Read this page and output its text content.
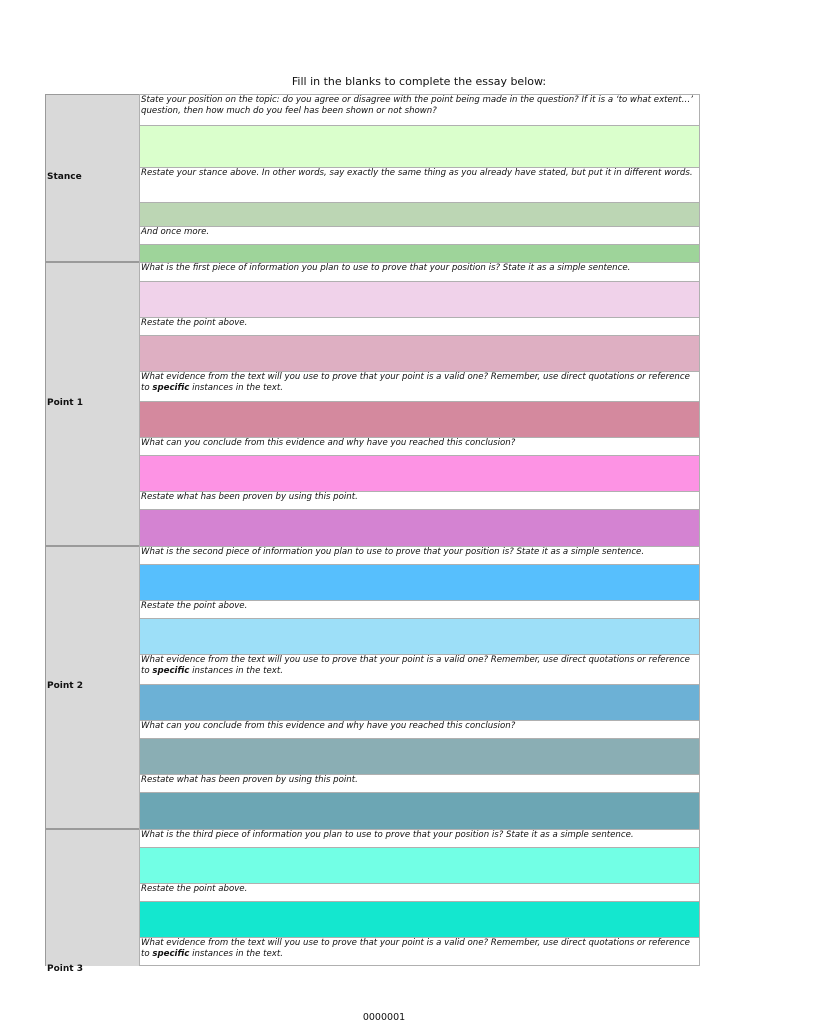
Fill in the blanks to complete the essay below:
Stance
Point 1
Point 2
Point 3
State your position on the topic: do you agree or disagree with the point being made in the question? If it is a ‘to what extent…’ question, then how much do you feel has been shown or not shown?
Restate your stance above. In other words, say exactly the same thing as you already have stated, but put it in different words.
And once more.
What is the first piece of information you plan to use to prove that your position is? State it as a simple sentence.
Restate the point above.
What evidence from the text will you use to prove that your point is a valid one? Remember, use direct quotations or reference to specific instances in the text.
What can you conclude from this evidence and why have you reached this conclusion?
Restate what has been proven by using this point.
What is the second piece of information you plan to use to prove that your position is? State it as a simple sentence.
Restate the point above.
What evidence from the text will you use to prove that your point is a valid one? Remember, use direct quotations or reference to specific instances in the text.
What can you conclude from this evidence and why have you reached this conclusion?
Restate what has been proven by using this point.
What is the third piece of information you plan to use to prove that your position is? State it as a simple sentence.
Restate the point above.
What evidence from the text will you use to prove that your point is a valid one? Remember, use direct quotations or reference to specific instances in the text.
0000001
